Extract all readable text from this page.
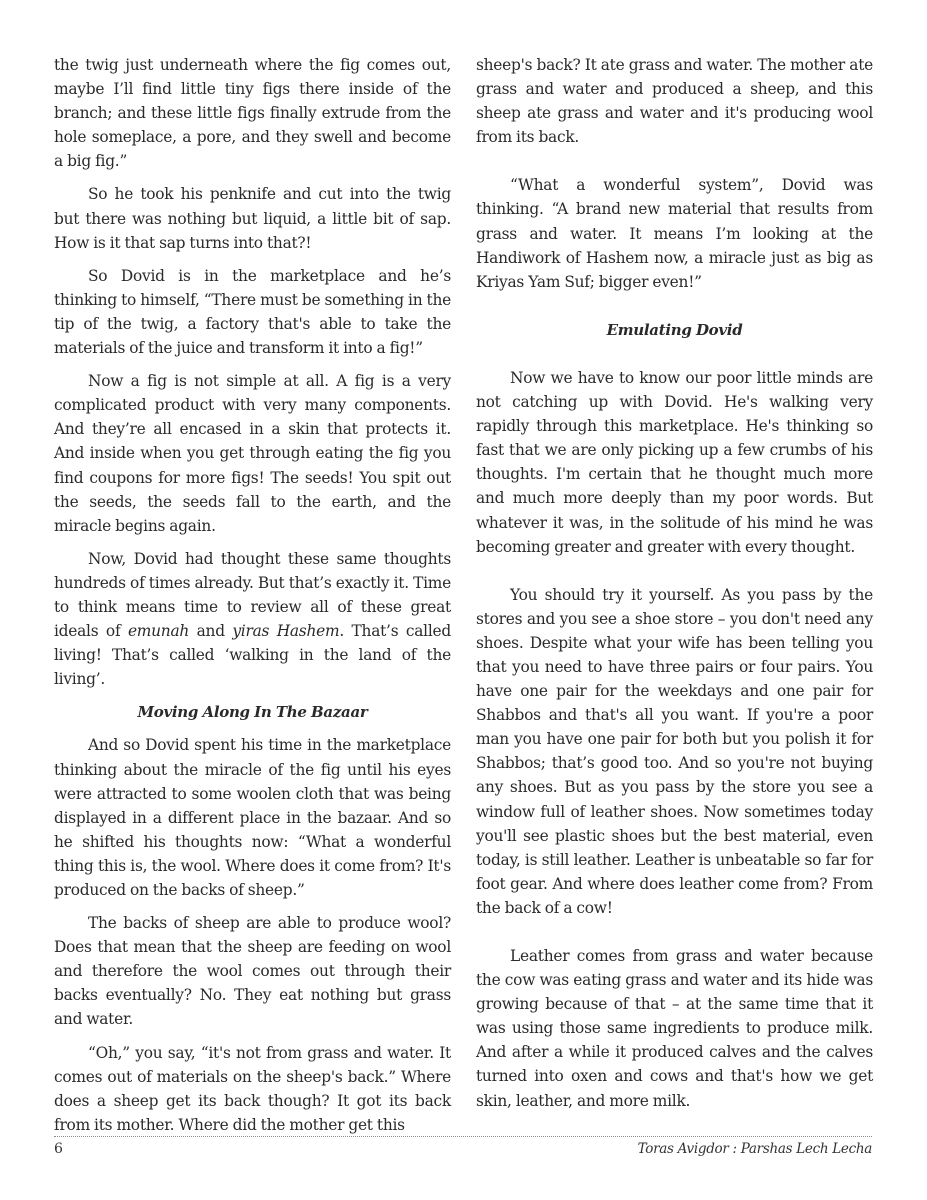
the twig just underneath where the fig comes out, maybe I’ll find little tiny figs there inside of the branch; and these little figs finally extrude from the hole someplace, a pore, and they swell and become a big fig.”

So he took his penknife and cut into the twig but there was nothing but liquid, a little bit of sap. How is it that sap turns into that?!

So Dovid is in the marketplace and he’s thinking to himself, “There must be something in the tip of the twig, a factory that's able to take the materials of the juice and transform it into a fig!”

Now a fig is not simple at all. A fig is a very complicated product with very many components. And they’re all encased in a skin that protects it. And inside when you get through eating the fig you find coupons for more figs! The seeds! You spit out the seeds, the seeds fall to the earth, and the miracle begins again.

Now, Dovid had thought these same thoughts hundreds of times already. But that’s exactly it. Time to think means time to review all of these great ideals of emunah and yiras Hashem. That’s called living! That’s called ‘walking in the land of the living’.

Moving Along In The Bazaar

And so Dovid spent his time in the marketplace thinking about the miracle of the fig until his eyes were attracted to some woolen cloth that was being displayed in a different place in the bazaar. And so he shifted his thoughts now: “What a wonderful thing this is, the wool. Where does it come from? It's produced on the backs of sheep.”

The backs of sheep are able to produce wool? Does that mean that the sheep are feeding on wool and therefore the wool comes out through their backs eventually? No. They eat nothing but grass and water.

“Oh,” you say, “it's not from grass and water. It comes out of materials on the sheep's back.” Where does a sheep get its back though? It got its back from its mother. Where did the mother get this

sheep's back? It ate grass and water. The mother ate grass and water and produced a sheep, and this sheep ate grass and water and it's producing wool from its back.

“What a wonderful system”, Dovid was thinking. “A brand new material that results from grass and water. It means I’m looking at the Handiwork of Hashem now, a miracle just as big as Kriyas Yam Suf; bigger even!”

Emulating Dovid

Now we have to know our poor little minds are not catching up with Dovid. He's walking very rapidly through this marketplace. He's thinking so fast that we are only picking up a few crumbs of his thoughts. I'm certain that he thought much more and much more deeply than my poor words. But whatever it was, in the solitude of his mind he was becoming greater and greater with every thought.

You should try it yourself. As you pass by the stores and you see a shoe store – you don't need any shoes. Despite what your wife has been telling you that you need to have three pairs or four pairs. You have one pair for the weekdays and one pair for Shabbos and that's all you want. If you're a poor man you have one pair for both but you polish it for Shabbos; that’s good too. And so you're not buying any shoes. But as you pass by the store you see a window full of leather shoes. Now sometimes today you'll see plastic shoes but the best material, even today, is still leather. Leather is unbeatable so far for foot gear. And where does leather come from? From the back of a cow!

Leather comes from grass and water because the cow was eating grass and water and its hide was growing because of that – at the same time that it was using those same ingredients to produce milk. And after a while it produced calves and the calves turned into oxen and cows and that's how we get skin, leather, and more milk.

6	Toras Avigdor : Parshas Lech Lecha
